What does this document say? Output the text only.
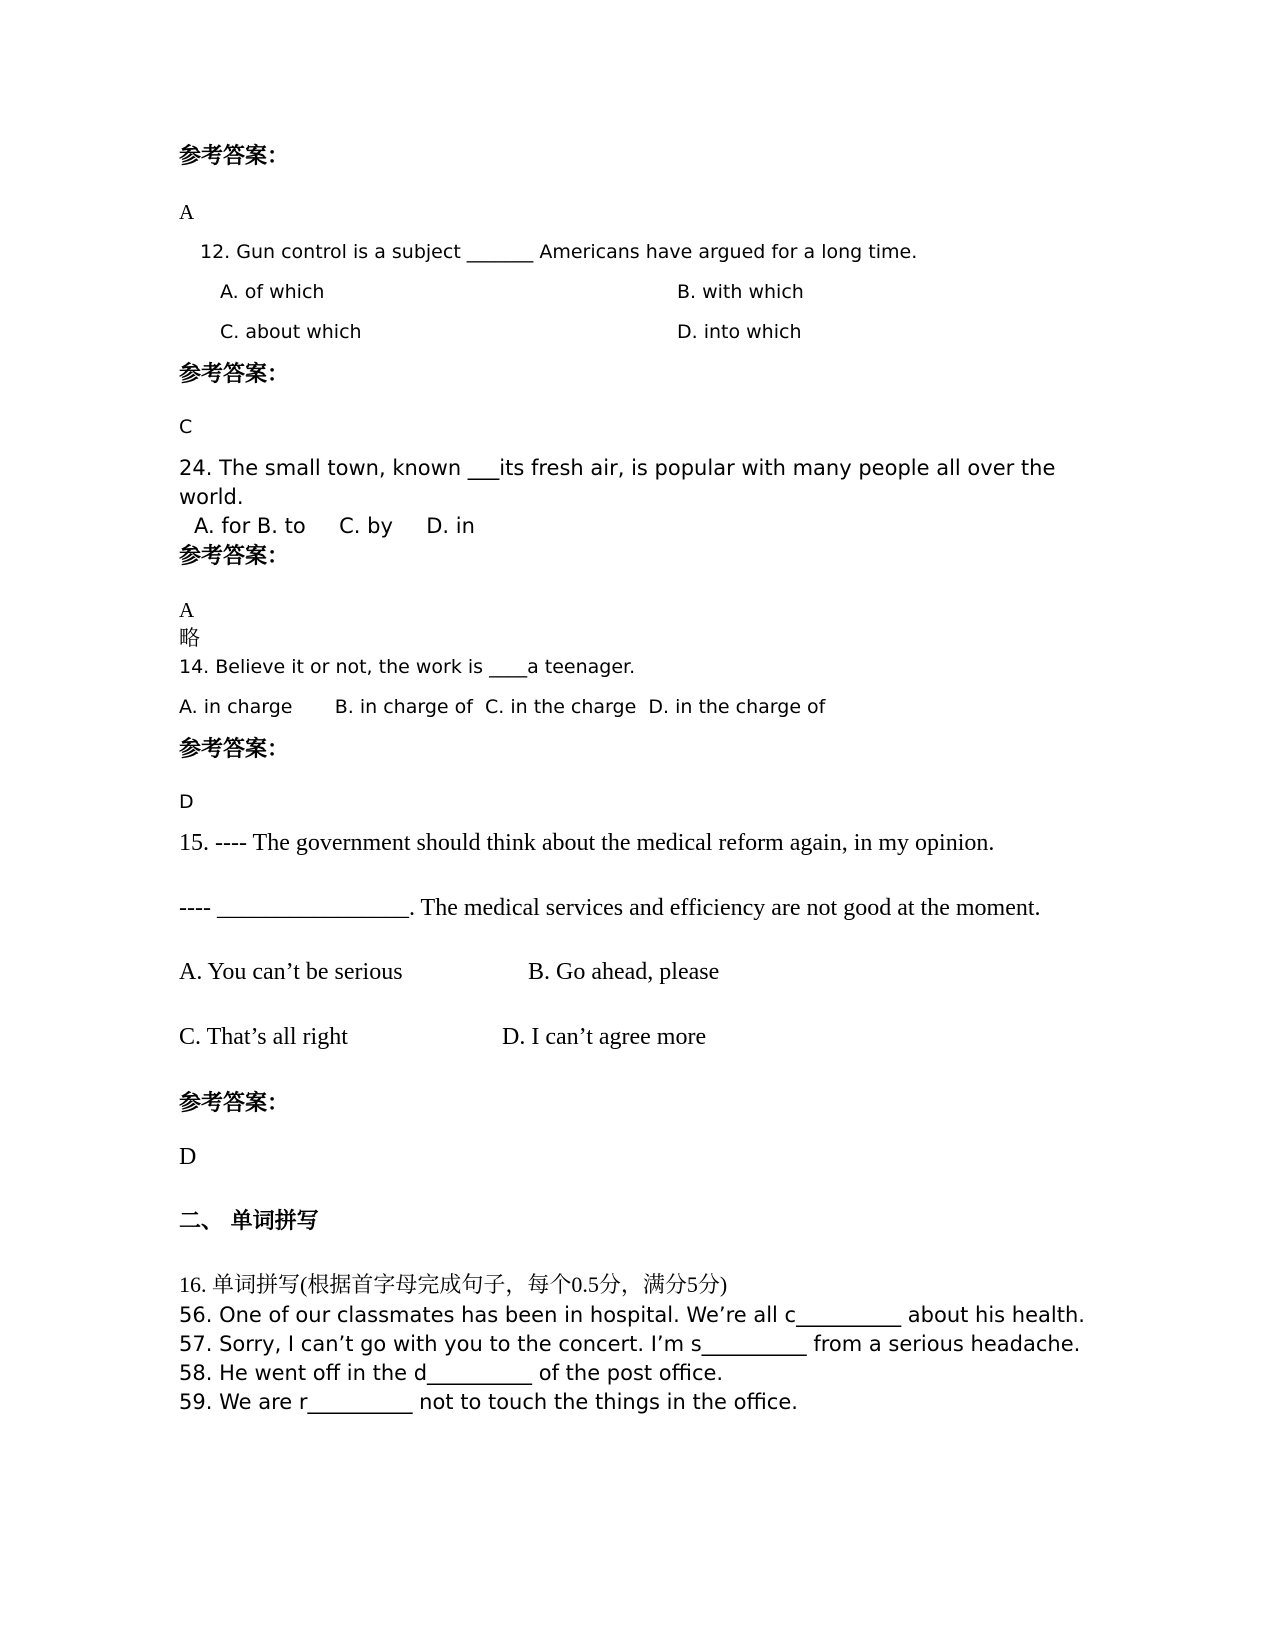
参考答案：
A
12. Gun control is a subject _______ Americans have argued for a long time.
A. of which	B. with which
C. about which	D. into which
参考答案：
C
24. The small town, known ___its fresh air, is popular with many people all over the
world.
A. for B. to     C. by     D. in
参考答案：
A
略
14. Believe it or not, the work is ____a teenager.
A. in charge       B. in charge of  C. in the charge  D. in the charge of
参考答案：
D
15. ---- The government should think about the medical reform again, in my opinion.
---- ________________. The medical services and efficiency are not good at the moment.
A. You can’t be serious	B. Go ahead, please
C. That’s all right	D. I can’t agree more
参考答案：
D
二、 单词拼写
16. 单词拼写(根据首字母完成句子，每个0.5分，满分5分)
56. One of our classmates has been in hospital. We’re all c__________ about his health.
57. Sorry, I can’t go with you to the concert. I’m s__________ from a serious headache.
58. He went off in the d__________ of the post office.
59. We are r__________ not to touch the things in the office.
